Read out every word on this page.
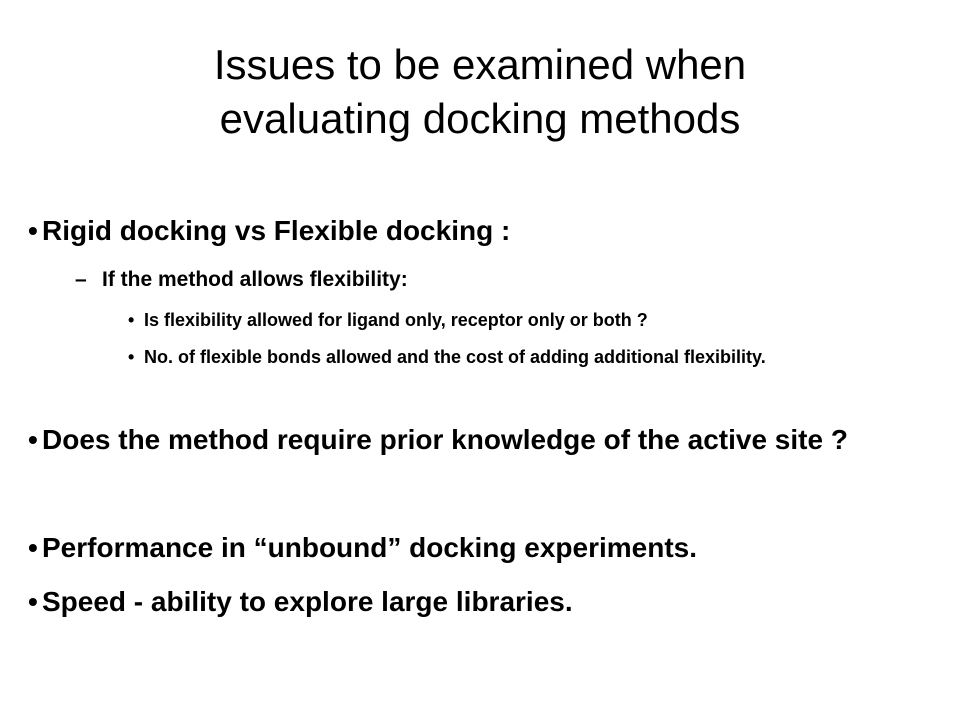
Issues to be examined when
evaluating docking methods
• Rigid docking vs Flexible docking :
– If the method allows flexibility:
• Is flexibility allowed for ligand only, receptor only or both ?
• No. of flexible bonds allowed and the cost of adding additional flexibility.
• Does the method require prior knowledge of the active site ?
• Performance in “unbound” docking experiments.
• Speed - ability to explore large libraries.
